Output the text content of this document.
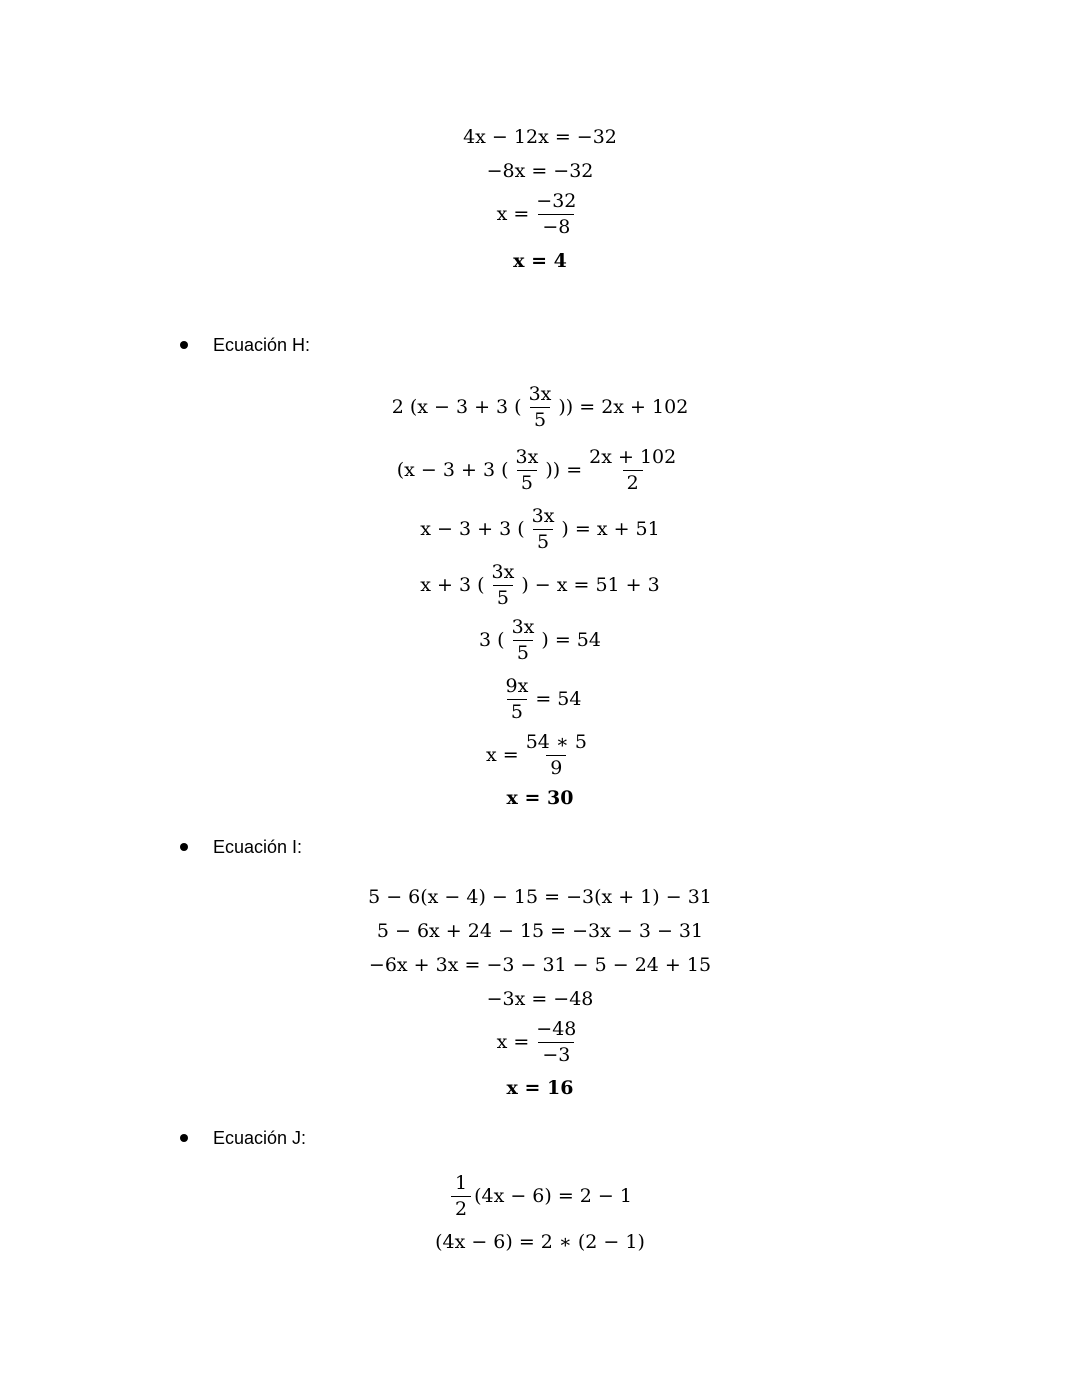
4x − 12x = −32
−8x = −32
$x = \frac{-32}{-8}$
x = 4
Ecuación H:
2 (x − 3 + 3 ( $\frac{3x}{5}$ )) = 2x + 102
(x − 3 + 3 ( $\frac{3x}{5}$ )) = $\frac{2x + 102}{2}$
x − 3 + 3 ( $\frac{3x}{5}$ ) = x + 51
x + 3 ( $\frac{3x}{5}$ ) − x = 51 + 3
3 ( $\frac{3x}{5}$ ) = 54
$\frac{9x}{5} = 54$
$x = \frac{54 ∗ 5}{9}$
x = 30
Ecuación I:
5 − 6(x − 4) − 15 = −3(x + 1) − 31
5 − 6x + 24 − 15 = −3x − 3 − 31
−6x + 3x = −3 − 31 − 5 − 24 + 15
−3x = −48
$x = \frac{-48}{-3}$
x = 16
Ecuación J:
$\frac{1}{2} (4x - 6) = 2 - 1$
(4x − 6) = 2 ∗ (2 − 1)
